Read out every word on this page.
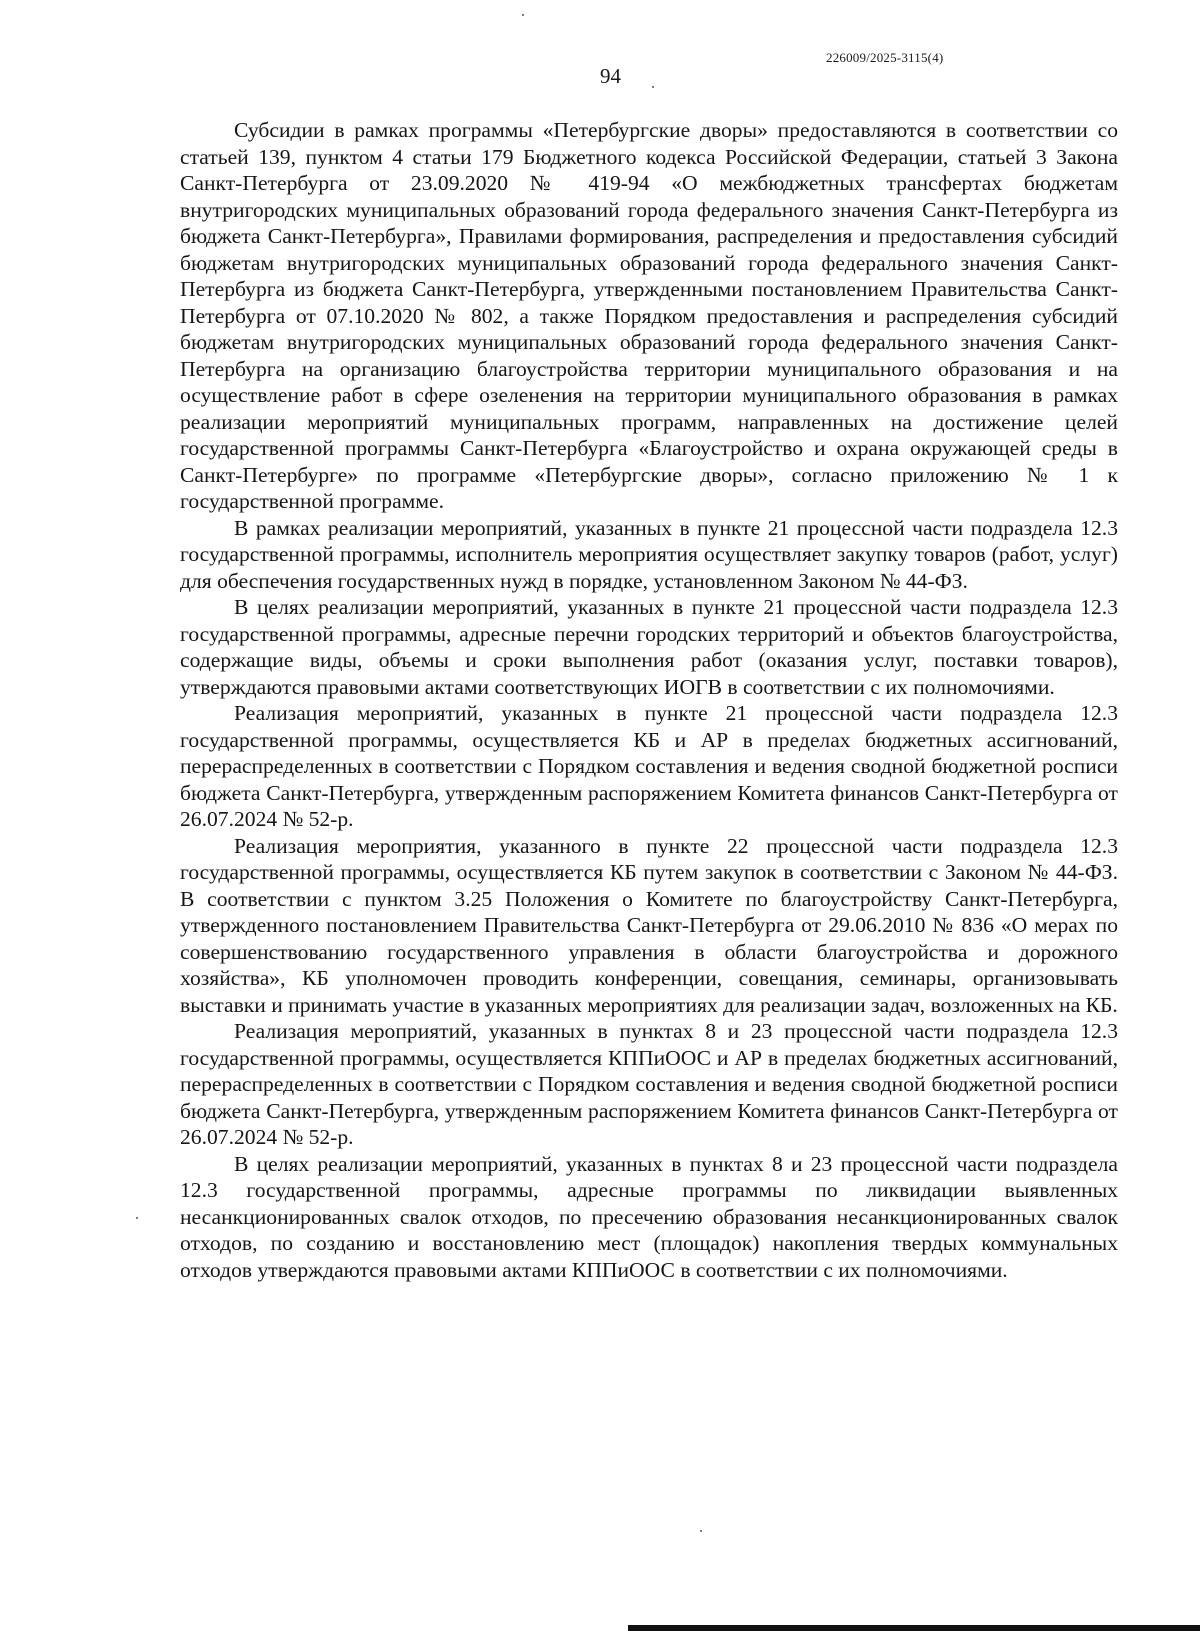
226009/2025-3115(4)
94

Субсидии в рамках программы «Петербургские дворы» предоставляются в соответствии со статьей 139, пунктом 4 статьи 179 Бюджетного кодекса Российской Федерации, статьей 3 Закона Санкт-Петербурга от 23.09.2020 № 419-94 «О межбюджетных трансфертах бюджетам внутригородских муниципальных образований города федерального значения Санкт-Петербурга из бюджета Санкт-Петербурга», Правилами формирования, распределения и предоставления субсидий бюджетам внутригородских муниципальных образований города федерального значения Санкт-Петербурга из бюджета Санкт-Петербурга, утвержденными постановлением Правительства Санкт-Петербурга от 07.10.2020 № 802, а также Порядком предоставления и распределения субсидий бюджетам внутригородских муниципальных образований города федерального значения Санкт-Петербурга на организацию благоустройства территории муниципального образования и на осуществление работ в сфере озеленения на территории муниципального образования в рамках реализации мероприятий муниципальных программ, направленных на достижение целей государственной программы Санкт-Петербурга «Благоустройство и охрана окружающей среды в Санкт-Петербурге» по программе «Петербургские дворы», согласно приложению № 1 к государственной программе.

В рамках реализации мероприятий, указанных в пункте 21 процессной части подраздела 12.3 государственной программы, исполнитель мероприятия осуществляет закупку товаров (работ, услуг) для обеспечения государственных нужд в порядке, установленном Законом № 44-ФЗ.

В целях реализации мероприятий, указанных в пункте 21 процессной части подраздела 12.3 государственной программы, адресные перечни городских территорий и объектов благоустройства, содержащие виды, объемы и сроки выполнения работ (оказания услуг, поставки товаров), утверждаются правовыми актами соответствующих ИОГВ в соответствии с их полномочиями.

Реализация мероприятий, указанных в пункте 21 процессной части подраздела 12.3 государственной программы, осуществляется КБ и АР в пределах бюджетных ассигнований, перераспределенных в соответствии с Порядком составления и ведения сводной бюджетной росписи бюджета Санкт-Петербурга, утвержденным распоряжением Комитета финансов Санкт-Петербурга от 26.07.2024 № 52-р.

Реализация мероприятия, указанного в пункте 22 процессной части подраздела 12.3 государственной программы, осуществляется КБ путем закупок в соответствии с Законом № 44-ФЗ. В соответствии с пунктом 3.25 Положения о Комитете по благоустройству Санкт-Петербурга, утвержденного постановлением Правительства Санкт-Петербурга от 29.06.2010 № 836 «О мерах по совершенствованию государственного управления в области благоустройства и дорожного хозяйства», КБ уполномочен проводить конференции, совещания, семинары, организовывать выставки и принимать участие в указанных мероприятиях для реализации задач, возложенных на КБ.

Реализация мероприятий, указанных в пунктах 8 и 23 процессной части подраздела 12.3 государственной программы, осуществляется КППиООС и АР в пределах бюджетных ассигнований, перераспределенных в соответствии с Порядком составления и ведения сводной бюджетной росписи бюджета Санкт-Петербурга, утвержденным распоряжением Комитета финансов Санкт-Петербурга от 26.07.2024 № 52-р.

В целях реализации мероприятий, указанных в пунктах 8 и 23 процессной части подраздела 12.3 государственной программы, адресные программы по ликвидации выявленных несанкционированных свалок отходов, по пресечению образования несанкционированных свалок отходов, по созданию и восстановлению мест (площадок) накопления твердых коммунальных отходов утверждаются правовыми актами КППиООС в соответствии с их полномочиями.
